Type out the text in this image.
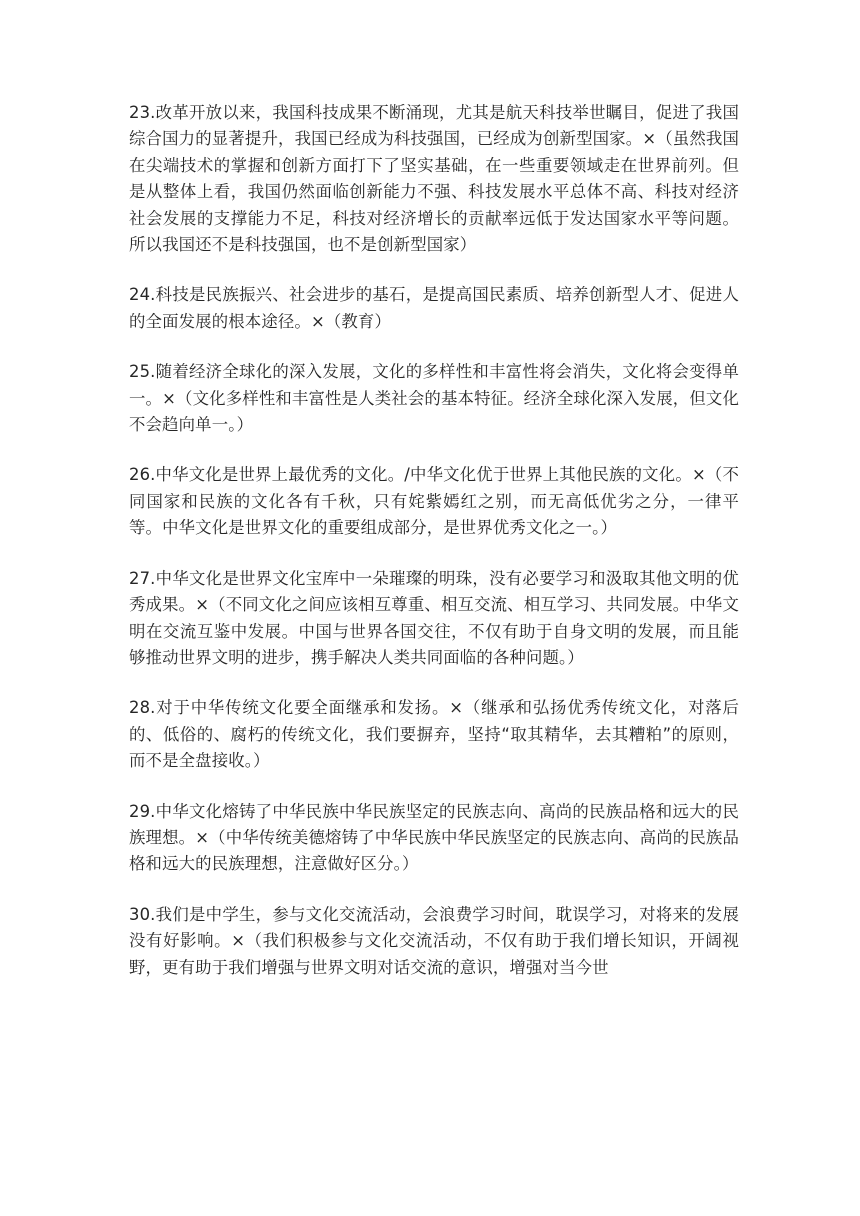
23.改革开放以来，我国科技成果不断涌现，尤其是航天科技举世瞩目，促进了我国综合国力的显著提升，我国已经成为科技强国，已经成为创新型国家。×（虽然我国在尖端技术的掌握和创新方面打下了坚实基础，在一些重要领域走在世界前列。但是从整体上看，我国仍然面临创新能力不强、科技发展水平总体不高、科技对经济社会发展的支撑能力不足，科技对经济增长的贡献率远低于发达国家水平等问题。所以我国还不是科技强国，也不是创新型国家）

24.科技是民族振兴、社会进步的基石，是提高国民素质、培养创新型人才、促进人的全面发展的根本途径。×（教育）

25.随着经济全球化的深入发展，文化的多样性和丰富性将会消失，文化将会变得单一。×（文化多样性和丰富性是人类社会的基本特征。经济全球化深入发展，但文化不会趋向单一。）

26.中华文化是世界上最优秀的文化。/中华文化优于世界上其他民族的文化。×（不同国家和民族的文化各有千秋，只有姹紫嫣红之别，而无高低优劣之分，一律平等。中华文化是世界文化的重要组成部分，是世界优秀文化之一。）

27.中华文化是世界文化宝库中一朵璀璨的明珠，没有必要学习和汲取其他文明的优秀成果。×（不同文化之间应该相互尊重、相互交流、相互学习、共同发展。中华文明在交流互鉴中发展。中国与世界各国交往，不仅有助于自身文明的发展，而且能够推动世界文明的进步，携手解决人类共同面临的各种问题。）

28.对于中华传统文化要全面继承和发扬。×（继承和弘扬优秀传统文化，对落后的、低俗的、腐朽的传统文化，我们要摒弃，坚持“取其精华，去其糟粕”的原则，而不是全盘接收。）

29.中华文化熔铸了中华民族中华民族坚定的民族志向、高尚的民族品格和远大的民族理想。×（中华传统美德熔铸了中华民族中华民族坚定的民族志向、高尚的民族品格和远大的民族理想，注意做好区分。）

30.我们是中学生，参与文化交流活动，会浪费学习时间，耽误学习，对将来的发展没有好影响。×（我们积极参与文化交流活动，不仅有助于我们增长知识，开阔视野，更有助于我们增强与世界文明对话交流的意识，增强对当今世
